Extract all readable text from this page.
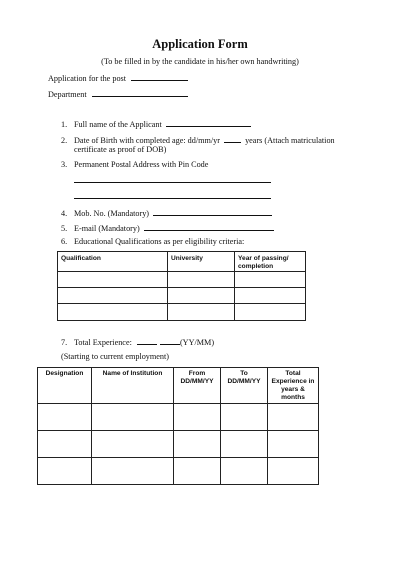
Application Form
(To be filled in by the candidate in his/her own handwriting)
Application for the post
Department
1. Full name of the Applicant
2. Date of Birth with completed age: dd/mm/yr	years (Attach matriculation
certificate as proof of DOB)
3. Permanent Postal Address with Pin Code
4. Mob. No. (Mandatory)
5. E-mail (Mandatory)
6. Educational Qualifications as per eligibility criteria:
Qualification	University	Year of passing/ completion

7. Total Experience:	(YY/MM)
(Starting to current employment)
Designation	Name of Institution	From DD/MM/YY	To DD/MM/YY	Total Experience in years & months
